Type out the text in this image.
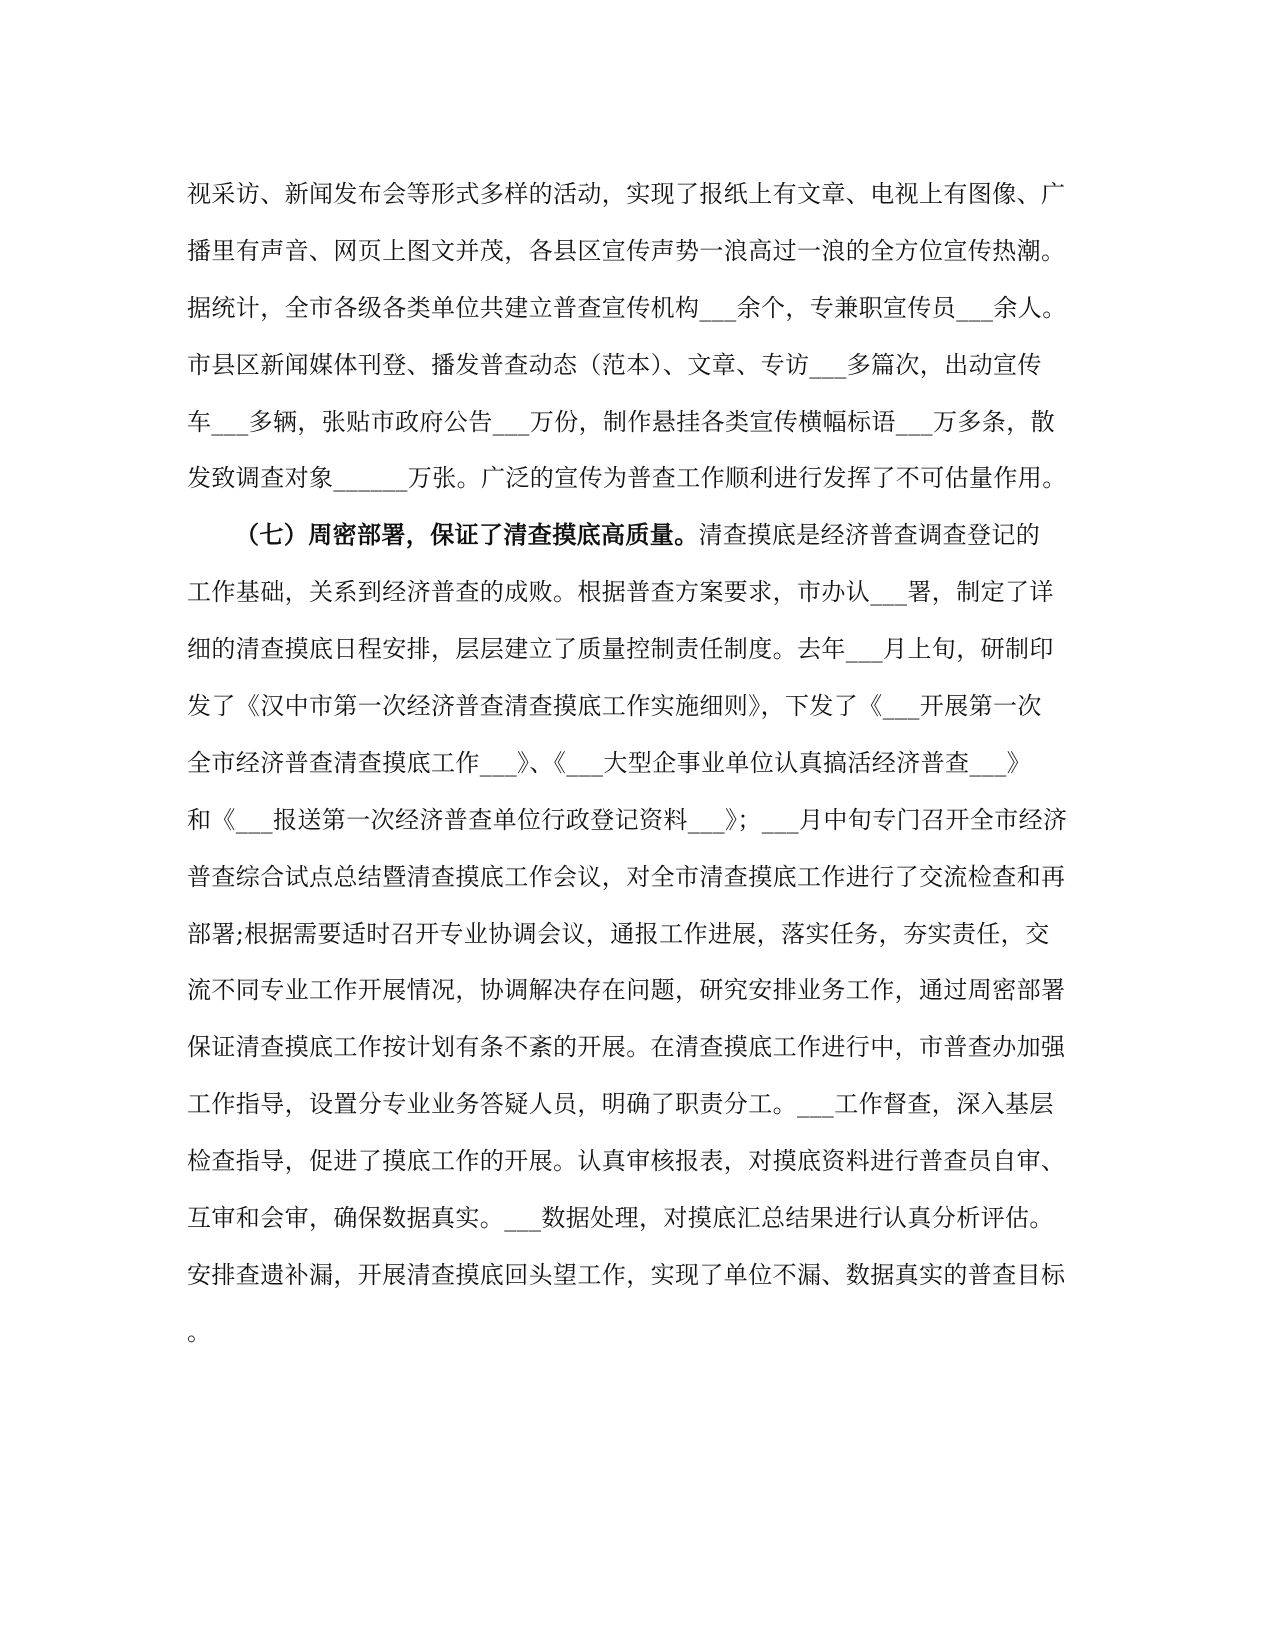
视采访、新闻发布会等形式多样的活动，实现了报纸上有文章、电视上有图像、广
播里有声音、网页上图文并茂，各县区宣传声势一浪高过一浪的全方位宣传热潮。
据统计，全市各级各类单位共建立普查宣传机构___余个，专兼职宣传员___余人。
市县区新闻媒体刊登、播发普查动态（范本）、文章、专访___多篇次，出动宣传
车___多辆，张贴市政府公告___万份，制作悬挂各类宣传横幅标语___万多条，散
发致调查对象______万张。广泛的宣传为普查工作顺利进行发挥了不可估量作用。
（七）周密部署，保证了清查摸底高质量。清查摸底是经济普查调查登记的
工作基础，关系到经济普查的成败。根据普查方案要求，市办认___署，制定了详
细的清查摸底日程安排，层层建立了质量控制责任制度。去年___月上旬，研制印
发了《汉中市第一次经济普查清查摸底工作实施细则》，下发了《___开展第一次
全市经济普查清查摸底工作___》、《___大型企事业单位认真搞活经济普查___》
和《___报送第一次经济普查单位行政登记资料___》；___月中旬专门召开全市经济
普查综合试点总结暨清查摸底工作会议，对全市清查摸底工作进行了交流检查和再
部署;根据需要适时召开专业协调会议，通报工作进展，落实任务，夯实责任，交
流不同专业工作开展情况，协调解决存在问题，研究安排业务工作，通过周密部署
保证清查摸底工作按计划有条不紊的开展。在清查摸底工作进行中，市普查办加强
工作指导，设置分专业业务答疑人员，明确了职责分工。___工作督查，深入基层
检查指导，促进了摸底工作的开展。认真审核报表，对摸底资料进行普查员自审、
互审和会审，确保数据真实。___数据处理，对摸底汇总结果进行认真分析评估。
安排查遗补漏，开展清查摸底回头望工作，实现了单位不漏、数据真实的普查目标
。
